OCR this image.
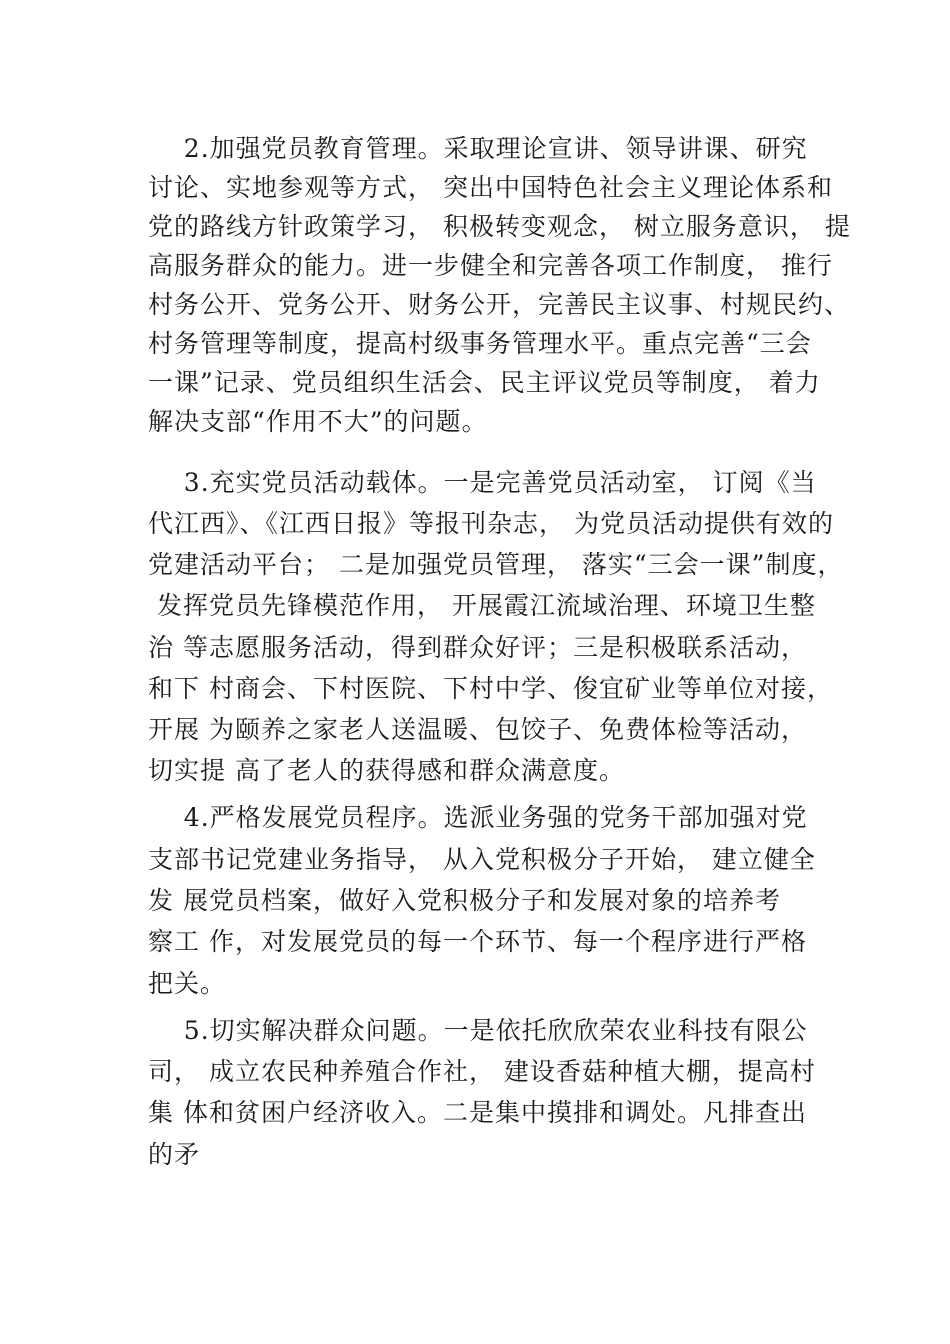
2.加强党员教育管理。采取理论宣讲、领导讲课、研究
讨论、实地参观等方式， 突出中国特色社会主义理论体系和
党的路线方针政策学习， 积极转变观念， 树立服务意识， 提
高服务群众的能力。进一步健全和完善各项工作制度， 推行
村务公开、党务公开、财务公开，完善民主议事、村规民约、
村务管理等制度，提高村级事务管理水平。重点完善“三会
一课”记录、党员组织生活会、民主评议党员等制度， 着力
解决支部“作用不大”的问题。
3.充实党员活动载体。一是完善党员活动室， 订阅《当
代江西》、《江西日报》等报刊杂志， 为党员活动提供有效的
党建活动平台； 二是加强党员管理， 落实“三会一课”制度，
发挥党员先锋模范作用， 开展霞江流域治理、环境卫生整
治 等志愿服务活动，得到群众好评；三是积极联系活动，
和下 村商会、下村医院、下村中学、俊宜矿业等单位对接，
开展 为颐养之家老人送温暖、包饺子、免费体检等活动，
切实提 高了老人的获得感和群众满意度。
4.严格发展党员程序。选派业务强的党务干部加强对党
支部书记党建业务指导， 从入党积极分子开始， 建立健全
发 展党员档案，做好入党积极分子和发展对象的培养考
察工 作，对发展党员的每一个环节、每一个程序进行严格
把关。
5.切实解决群众问题。一是依托欣欣荣农业科技有限公
司， 成立农民种养殖合作社， 建设香菇种植大棚，提高村
集 体和贫困户经济收入。二是集中摸排和调处。凡排查出
的矛
